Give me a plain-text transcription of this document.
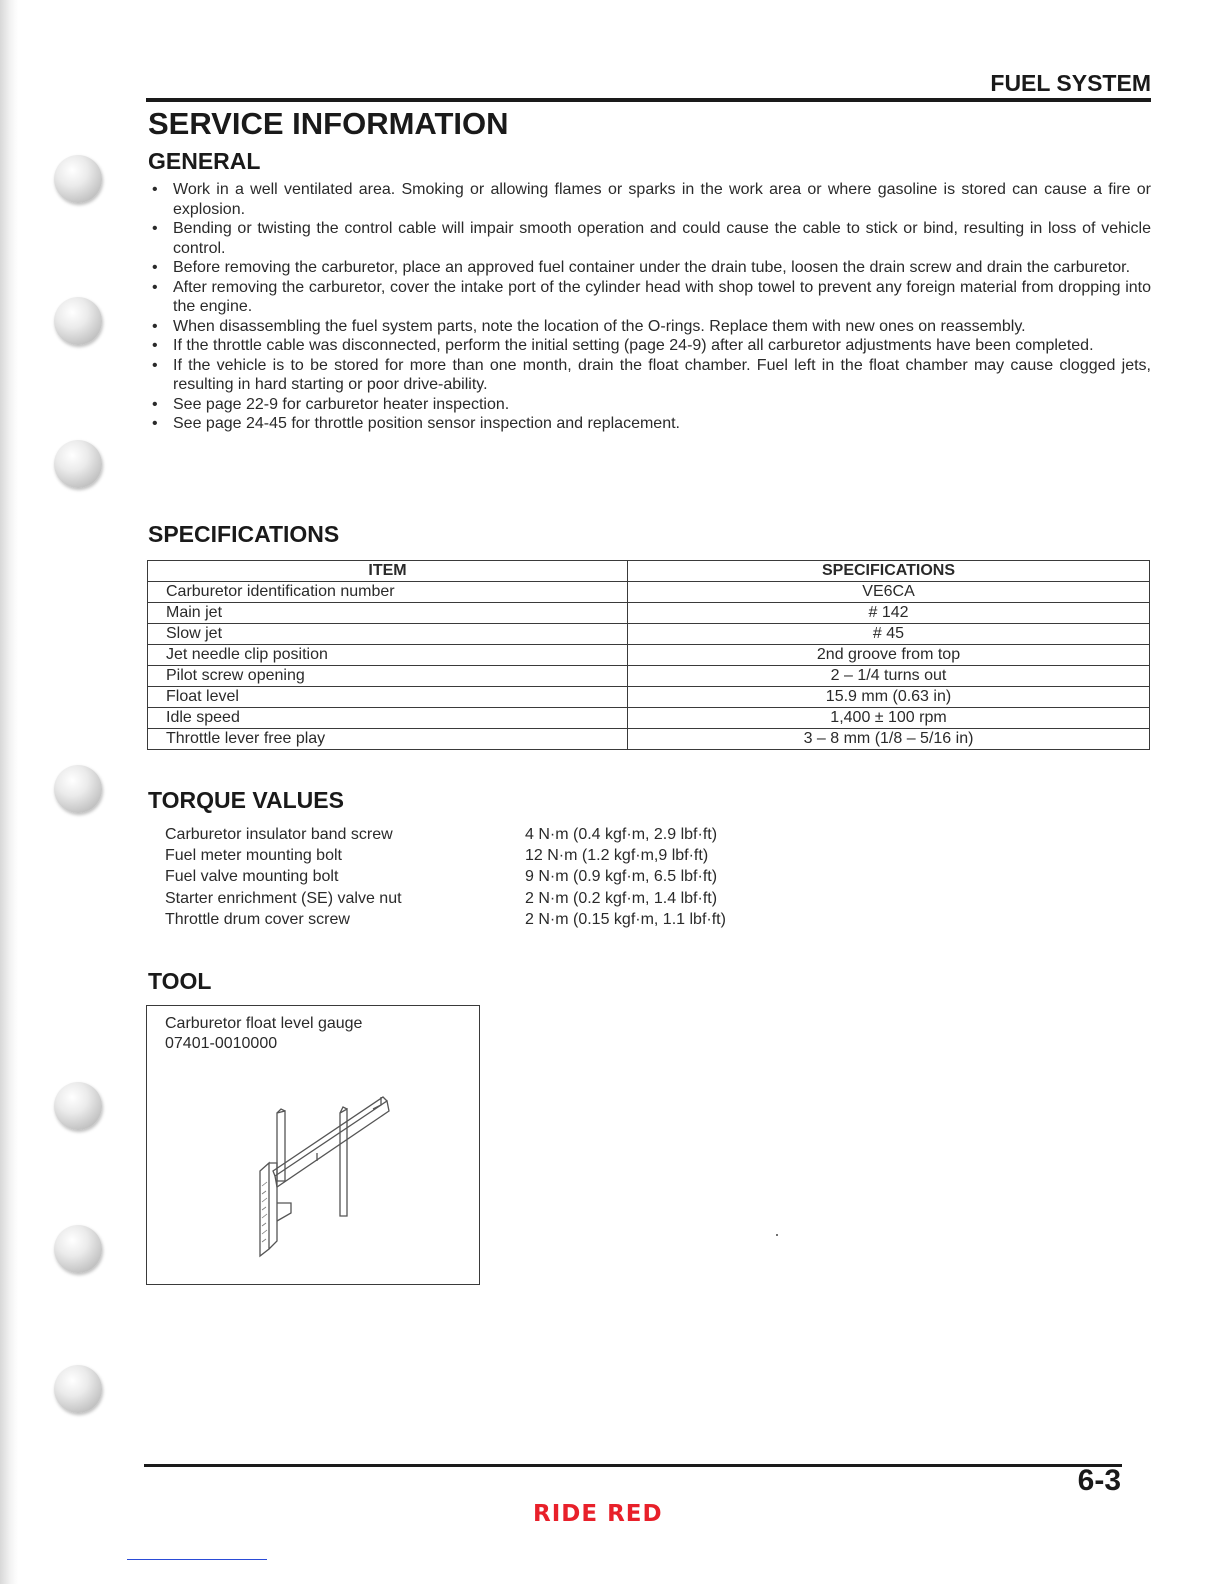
FUEL SYSTEM
SERVICE INFORMATION
GENERAL
• Work in a well ventilated area. Smoking or allowing flames or sparks in the work area or where gasoline is stored can cause a fire or explosion.
• Bending or twisting the control cable will impair smooth operation and could cause the cable to stick or bind, resulting in loss of vehicle control.
• Before removing the carburetor, place an approved fuel container under the drain tube, loosen the drain screw and drain the carburetor.
• After removing the carburetor, cover the intake port of the cylinder head with shop towel to prevent any foreign material from dropping into the engine.
• When disassembling the fuel system parts, note the location of the O-rings. Replace them with new ones on reassembly.
• If the throttle cable was disconnected, perform the initial setting (page 24-9) after all carburetor adjustments have been completed.
• If the vehicle is to be stored for more than one month, drain the float chamber. Fuel left in the float chamber may cause clogged jets, resulting in hard starting or poor drive-ability.
• See page 22-9 for carburetor heater inspection.
• See page 24-45 for throttle position sensor inspection and replacement.
SPECIFICATIONS
ITEM	SPECIFICATIONS
Carburetor identification number	VE6CA
Main jet	# 142
Slow jet	# 45
Jet needle clip position	2nd groove from top
Pilot screw opening	2 – 1/4 turns out
Float level	15.9 mm (0.63 in)
Idle speed	1,400 ± 100 rpm
Throttle lever free play	3 – 8 mm (1/8 – 5/16 in)
TORQUE VALUES
Carburetor insulator band screw	4 N·m (0.4 kgf·m, 2.9 lbf·ft)
Fuel meter mounting bolt	12 N·m (1.2 kgf·m,9 lbf·ft)
Fuel valve mounting bolt	9 N·m (0.9 kgf·m, 6.5 lbf·ft)
Starter enrichment (SE) valve nut	2 N·m (0.2 kgf·m, 1.4 lbf·ft)
Throttle drum cover screw	2 N·m (0.15 kgf·m, 1.1 lbf·ft)
TOOL
Carburetor float level gauge
07401-0010000
6-3
RIDE RED
